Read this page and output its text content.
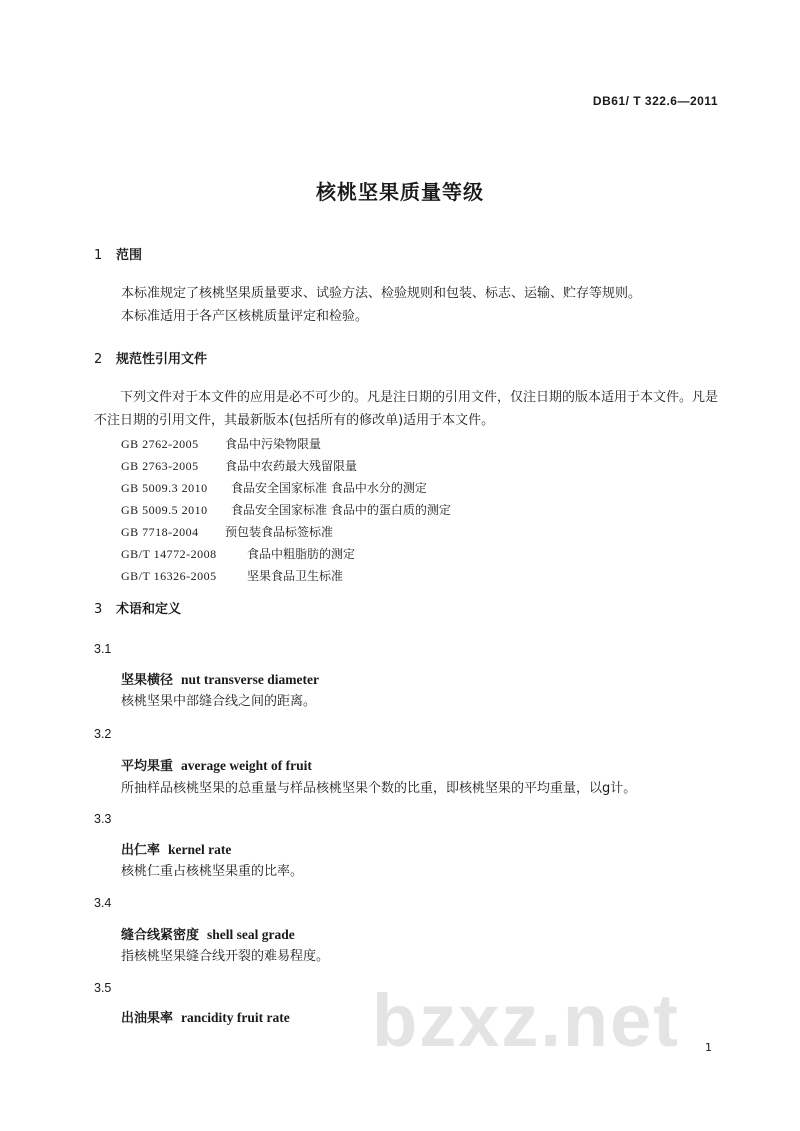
DB61/ T 322.6—2011
核桃坚果质量等级
1 范围
本标准规定了核桃坚果质量要求、试验方法、检验规则和包装、标志、运输、贮存等规则。
本标准适用于各产区核桃质量评定和检验。
2 规范性引用文件
下列文件对于本文件的应用是必不可少的。凡是注日期的引用文件，仅注日期的版本适用于本文件。凡是不注日期的引用文件，其最新版本(包括所有的修改单)适用于本文件。
GB 2762-2005 食品中污染物限量
GB 2763-2005 食品中农药最大残留限量
GB 5009.3 2010 食品安全国家标准 食品中水分的测定
GB 5009.5 2010 食品安全国家标准 食品中的蛋白质的测定
GB 7718-2004 预包装食品标签标准
GB/T 14772-2008	食品中粗脂肪的测定
GB/T 16326-2005	坚果食品卫生标准
3 术语和定义
3.1
坚果横径 nut transverse diameter
核桃坚果中部缝合线之间的距离。
3.2
平均果重 average weight of fruit
所抽样品核桃坚果的总重量与样品核桃坚果个数的比重，即核桃坚果的平均重量，以g计。
3.3
出仁率 kernel rate
核桃仁重占核桃坚果重的比率。
3.4
缝合线紧密度 shell seal grade
指核桃坚果缝合线开裂的难易程度。
3.5	bzxz.net
出油果率 rancidity fruit rate
1
